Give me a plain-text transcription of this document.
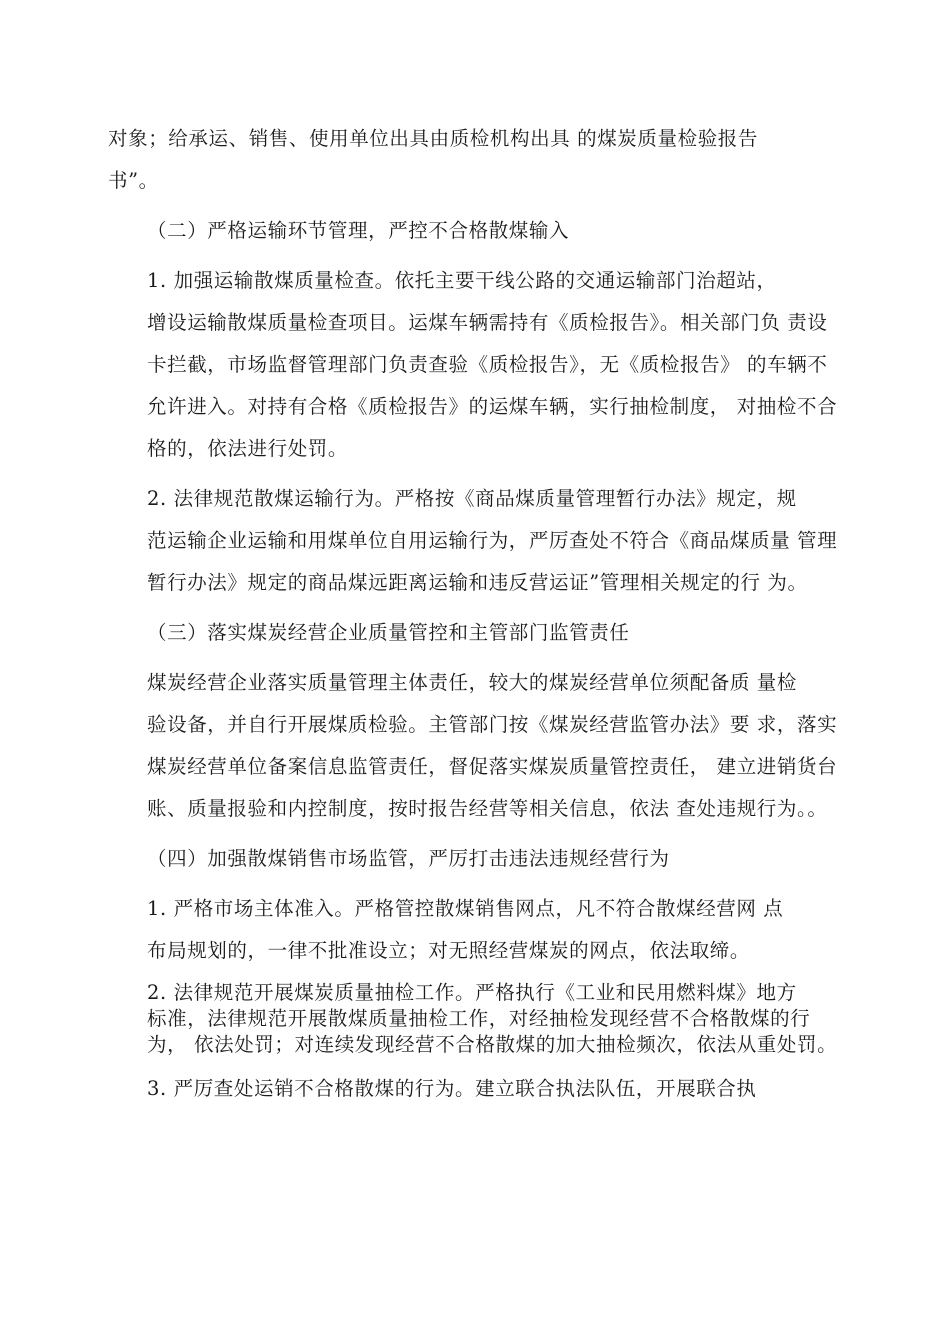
对象；给承运、销售、使用单位出具由质检机构出具 的煤炭质量检验报告
书”。

（二）严格运输环节管理，严控不合格散煤输入

1. 加强运输散煤质量检查。依托主要干线公路的交通运输部门治超站，
增设运输散煤质量检查项目。运煤车辆需持有《质检报告》。相关部门负 责设
卡拦截，市场监督管理部门负责查验《质检报告》，无《质检报告》 的车辆不
允许进入。对持有合格《质检报告》的运煤车辆，实行抽检制度， 对抽检不合
格的，依法进行处罚。

2. 法律规范散煤运输行为。严格按《商品煤质量管理暂行办法》规定，规
范运输企业运输和用煤单位自用运输行为，严厉查处不符合《商品煤质量 管理
暂行办法》规定的商品煤远距离运输和违反营运证”管理相关规定的行 为。

（三）落实煤炭经营企业质量管控和主管部门监管责任

煤炭经营企业落实质量管理主体责任，较大的煤炭经营单位须配备质 量检
验设备，并自行开展煤质检验。主管部门按《煤炭经营监管办法》要 求，落实
煤炭经营单位备案信息监管责任，督促落实煤炭质量管控责任， 建立进销货台
账、质量报验和内控制度，按时报告经营等相关信息，依法 查处违规行为。。

（四）加强散煤销售市场监管，严厉打击违法违规经营行为

1. 严格市场主体准入。严格管控散煤销售网点，凡不符合散煤经营网 点
布局规划的，一律不批准设立；对无照经营煤炭的网点，依法取缔。

2. 法律规范开展煤炭质量抽检工作。严格执行《工业和民用燃料煤》地方
标准，法律规范开展散煤质量抽检工作，对经抽检发现经营不合格散煤的行
为， 依法处罚；对连续发现经营不合格散煤的加大抽检频次，依法从重处罚。

3. 严厉查处运销不合格散煤的行为。建立联合执法队伍，开展联合执
